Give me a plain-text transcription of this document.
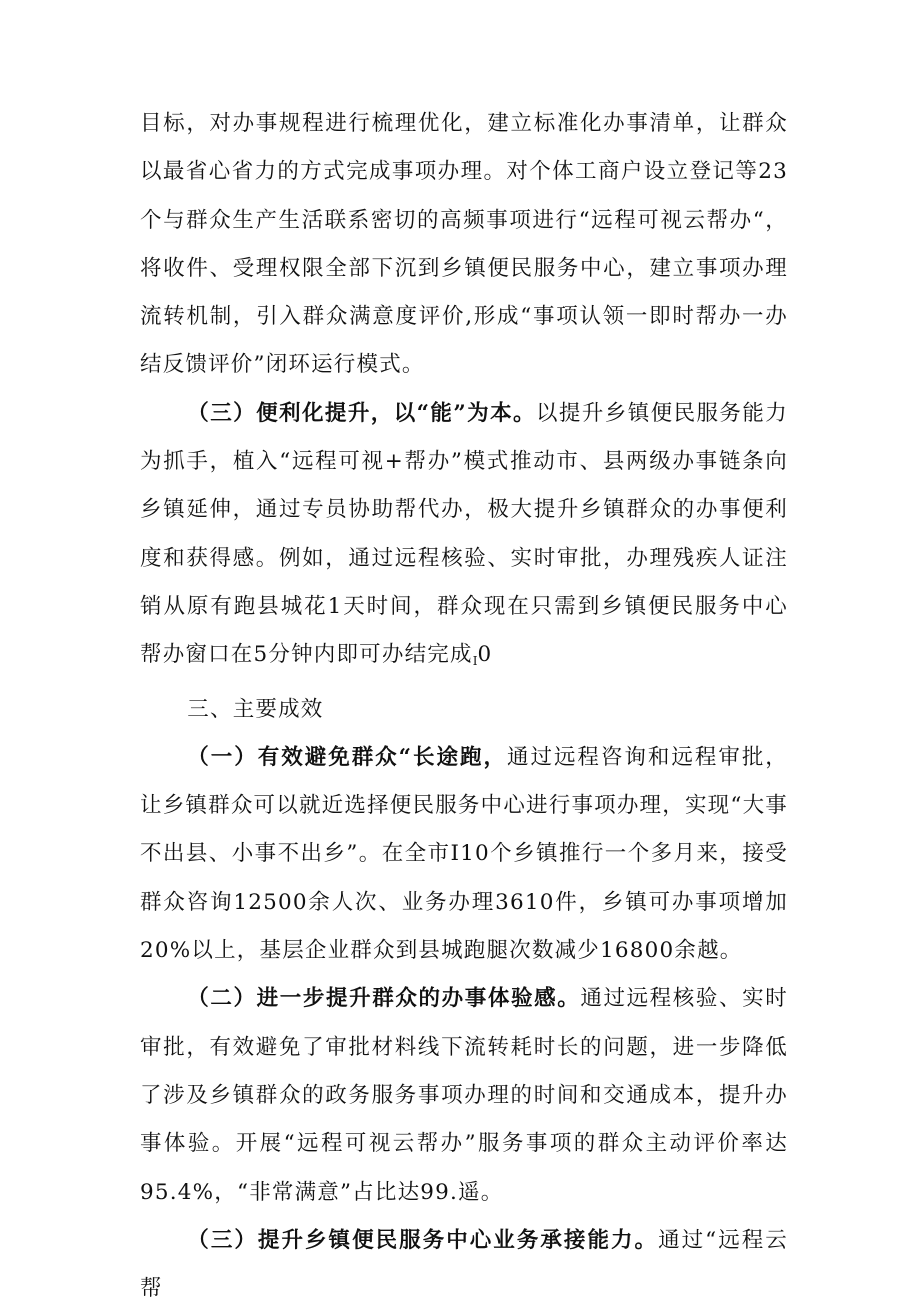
目标，对办事规程进行梳理优化，建立标准化办事清单，让群众以最省心省力的方式完成事项办理。对个体工商户设立登记等23个与群众生产生活联系密切的高频事项进行“远程可视云帮办“，将收件、受理权限全部下沉到乡镇便民服务中心，建立事项办理流转机制，引入群众满意度评价,形成“事项认领一即时帮办一办结反馈评价”闭环运行模式。

（三）便利化提升，以“能”为本。以提升乡镇便民服务能力为抓手，植入“远程可视+帮办”模式推动市、县两级办事链条向乡镇延伸，通过专员协助帮代办，极大提升乡镇群众的办事便利度和获得感。例如，通过远程核验、实时审批，办理残疾人证注销从原有跑县城花1天时间，群众现在只需到乡镇便民服务中心帮办窗口在5分钟内即可办结完成$_I$0

三、主要成效

（一）有效避免群众“长途跑，通过远程咨询和远程审批，让乡镇群众可以就近选择便民服务中心进行事项办理，实现“大事不出县、小事不出乡”。在全市I10个乡镇推行一个多月来，接受群众咨询12500余人次、业务办理3610件，乡镇可办事项增加20%以上，基层企业群众到县城跑腿次数减少16800余越。

（二）进一步提升群众的办事体验感。通过远程核验、实时审批，有效避免了审批材料线下流转耗时长的问题，进一步降低了涉及乡镇群众的政务服务事项办理的时间和交通成本，提升办事体验。开展“远程可视云帮办”服务事项的群众主动评价率达95.4%，“非常满意”占比达99.遥。

（三）提升乡镇便民服务中心业务承接能力。通过“远程云帮
